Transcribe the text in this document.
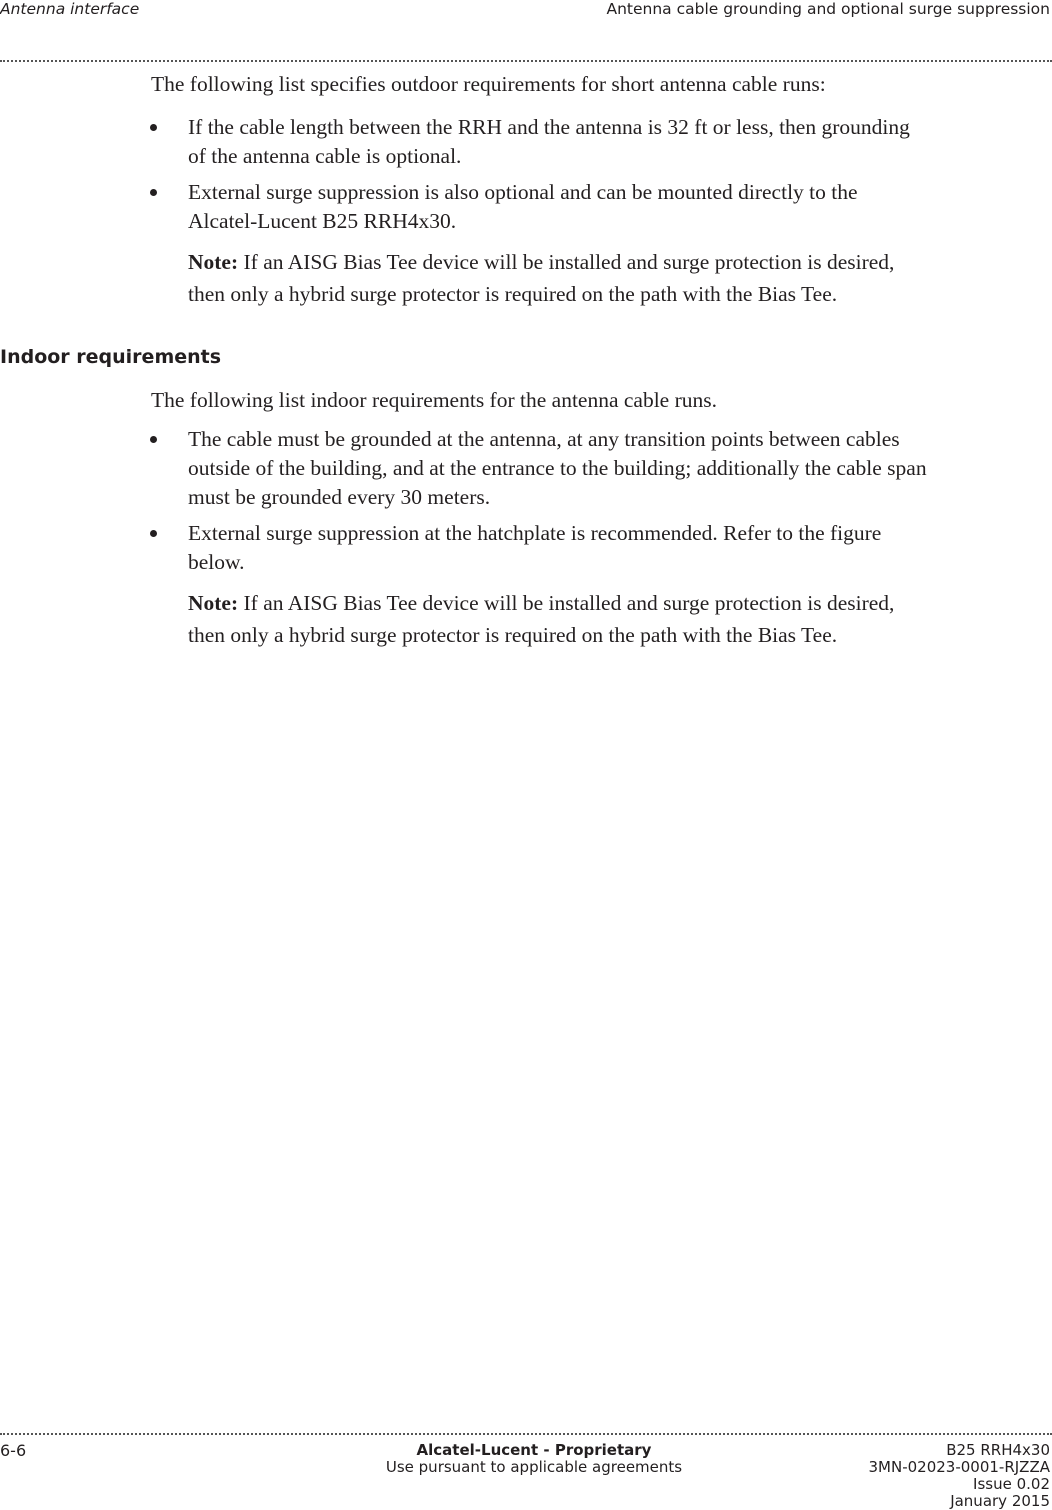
Antenna interface	Antenna cable grounding and optional surge suppression
The following list specifies outdoor requirements for short antenna cable runs:
If the cable length between the RRH and the antenna is 32 ft or less, then grounding
of the antenna cable is optional.
External surge suppression is also optional and can be mounted directly to the
Alcatel-Lucent B25 RRH4x30.
Note: If an AISG Bias Tee device will be installed and surge protection is desired,
then only a hybrid surge protector is required on the path with the Bias Tee.
Indoor requirements
The following list indoor requirements for the antenna cable runs.
The cable must be grounded at the antenna, at any transition points between cables
outside of the building, and at the entrance to the building; additionally the cable span
must be grounded every 30 meters.
External surge suppression at the hatchplate is recommended. Refer to the figure
below.
Note: If an AISG Bias Tee device will be installed and surge protection is desired,
then only a hybrid surge protector is required on the path with the Bias Tee.
6-6	Alcatel-Lucent - Proprietary
Use pursuant to applicable agreements
B25 RRH4x30
3MN-02023-0001-RJZZA
Issue 0.02
January 2015
